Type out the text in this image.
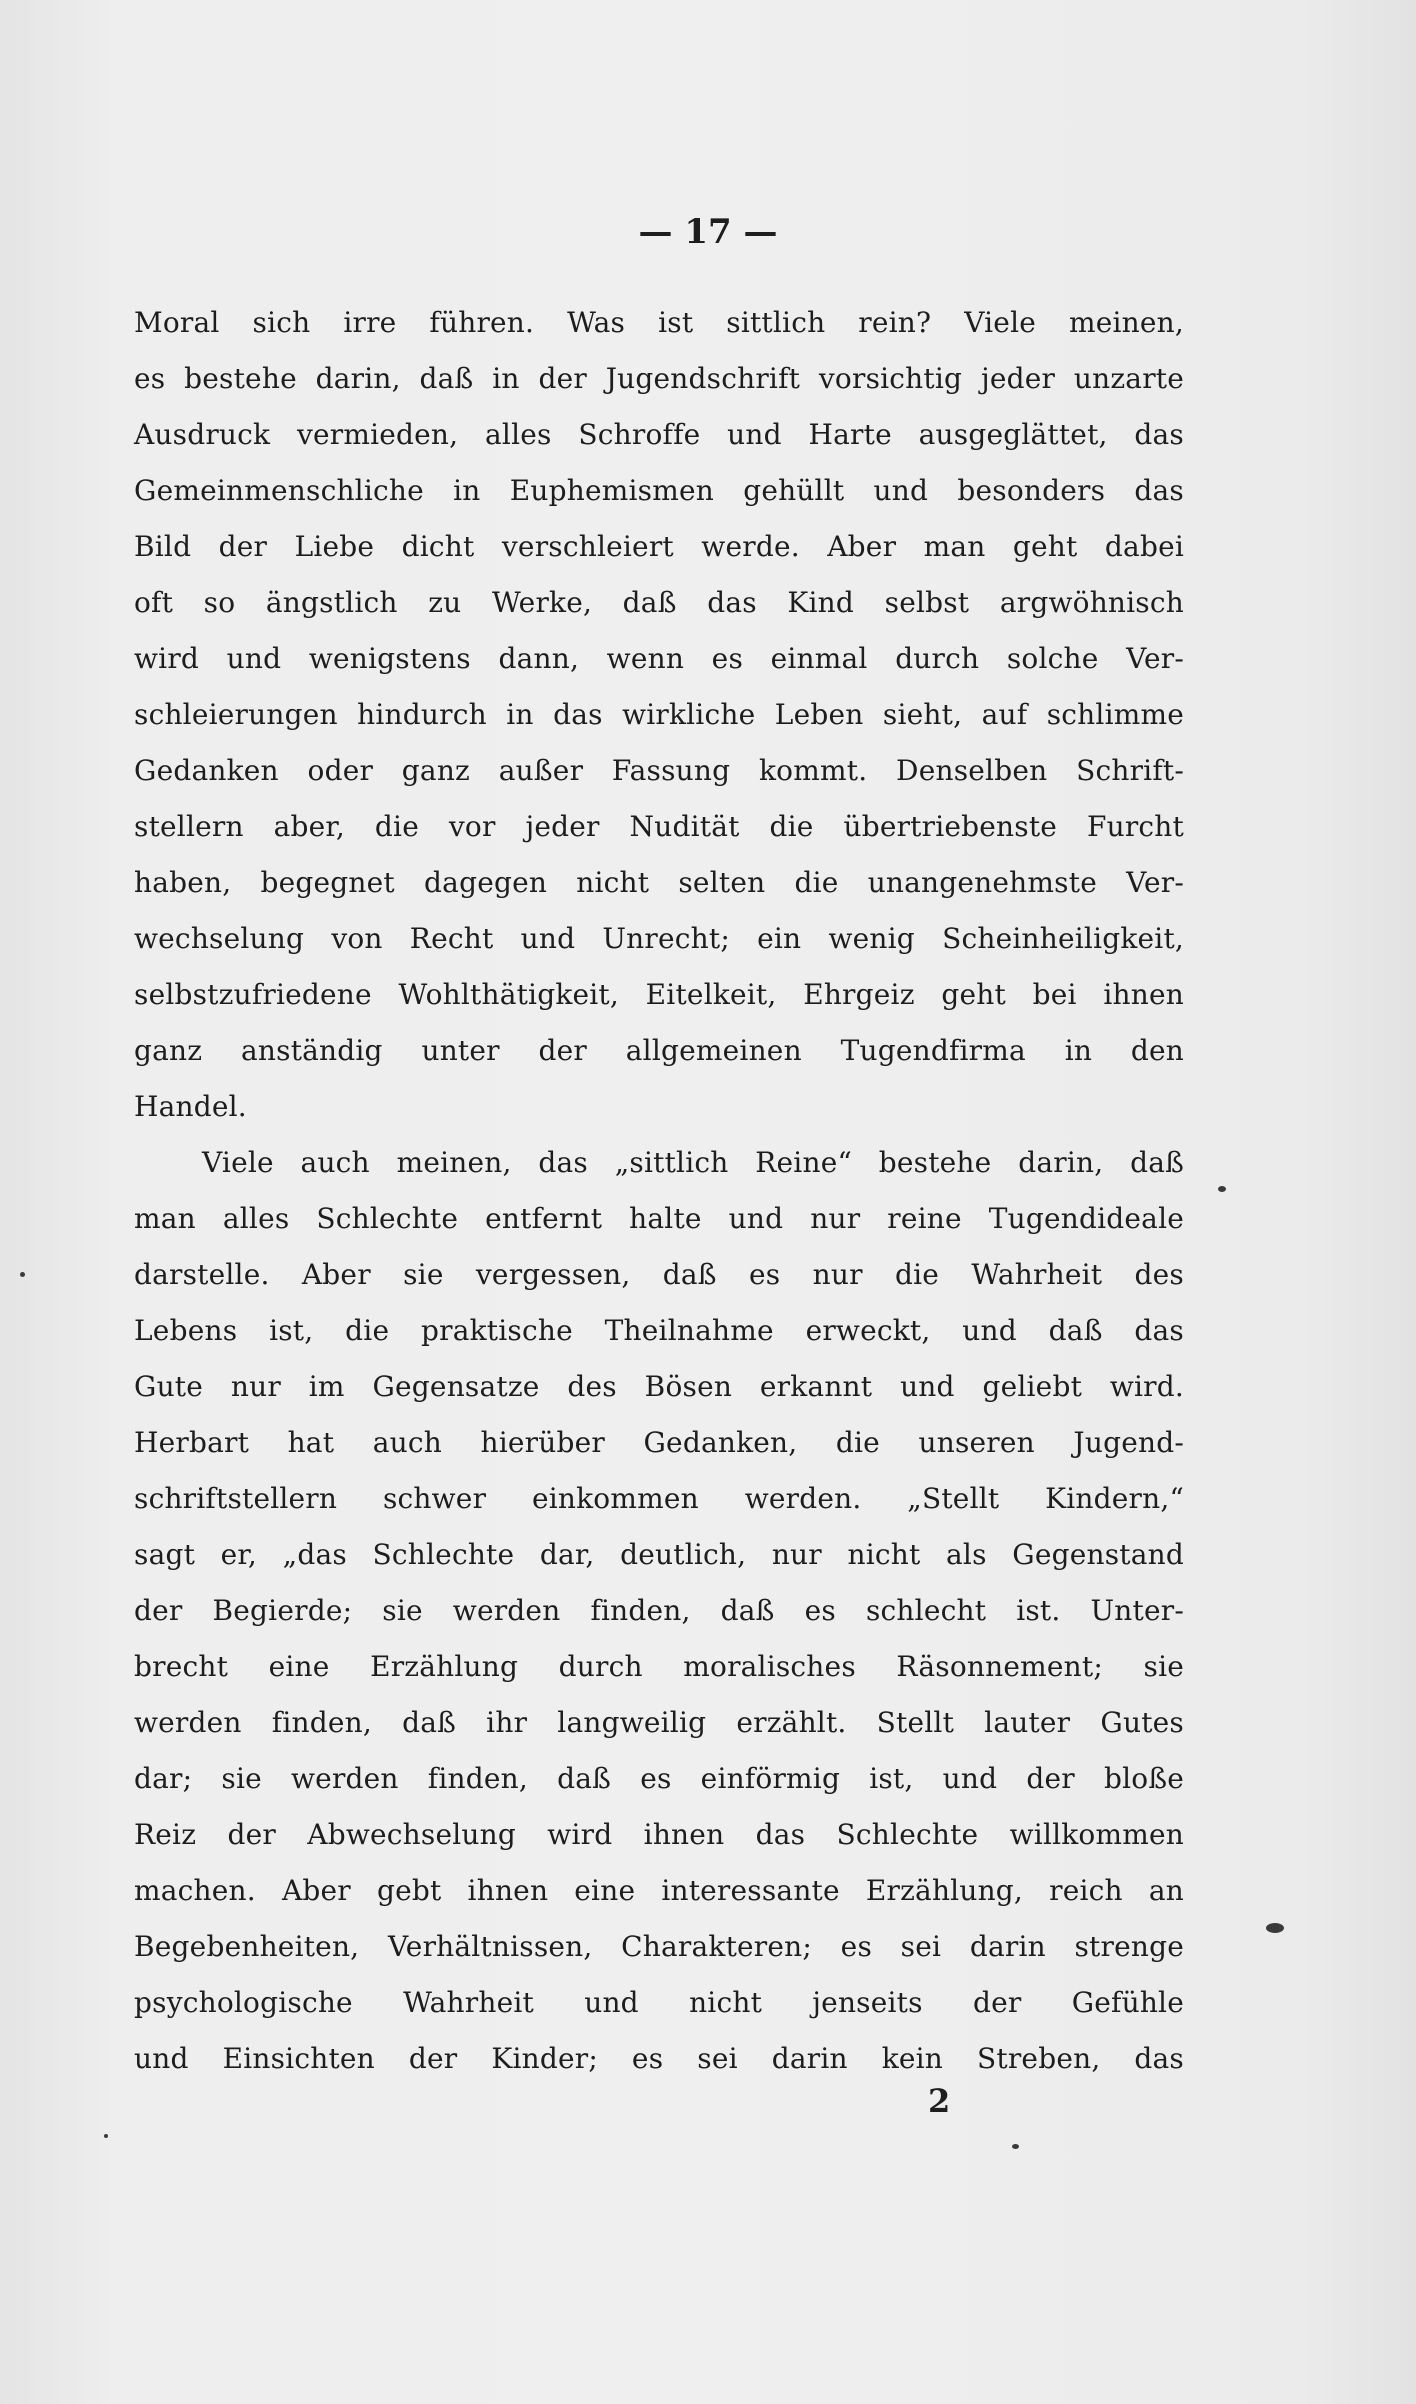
— 17 —
Moral sich irre führen. Was ist sittlich rein? Viele meinen,
es bestehe darin, daß in der Jugendschrift vorsichtig jeder unzarte
Ausdruck vermieden, alles Schroffe und Harte ausgeglättet, das
Gemeinmenschliche in Euphemismen gehüllt und besonders das
Bild der Liebe dicht verschleiert werde. Aber man geht dabei
oft so ängstlich zu Werke, daß das Kind selbst argwöhnisch
wird und wenigstens dann, wenn es einmal durch solche Ver-
schleierungen hindurch in das wirkliche Leben sieht, auf schlimme
Gedanken oder ganz außer Fassung kommt. Denselben Schrift-
stellern aber, die vor jeder Nudität die übertriebenste Furcht
haben, begegnet dagegen nicht selten die unangenehmste Ver-
wechselung von Recht und Unrecht; ein wenig Scheinheiligkeit,
selbstzufriedene Wohlthätigkeit, Eitelkeit, Ehrgeiz geht bei ihnen
ganz anständig unter der allgemeinen Tugendfirma in den
Handel.
Viele auch meinen, das „sittlich Reine“ bestehe darin, daß
man alles Schlechte entfernt halte und nur reine Tugendideale
darstelle. Aber sie vergessen, daß es nur die Wahrheit des
Lebens ist, die praktische Theilnahme erweckt, und daß das
Gute nur im Gegensatze des Bösen erkannt und geliebt wird.
Herbart hat auch hierüber Gedanken, die unseren Jugend-
schriftstellern schwer einkommen werden. „Stellt Kindern,“
sagt er, „das Schlechte dar, deutlich, nur nicht als Gegenstand
der Begierde; sie werden finden, daß es schlecht ist. Unter-
brecht eine Erzählung durch moralisches Räsonnement; sie
werden finden, daß ihr langweilig erzählt. Stellt lauter Gutes
dar; sie werden finden, daß es einförmig ist, und der bloße
Reiz der Abwechselung wird ihnen das Schlechte willkommen
machen. Aber gebt ihnen eine interessante Erzählung, reich an
Begebenheiten, Verhältnissen, Charakteren; es sei darin strenge
psychologische Wahrheit und nicht jenseits der Gefühle
und Einsichten der Kinder; es sei darin kein Streben, das
2
